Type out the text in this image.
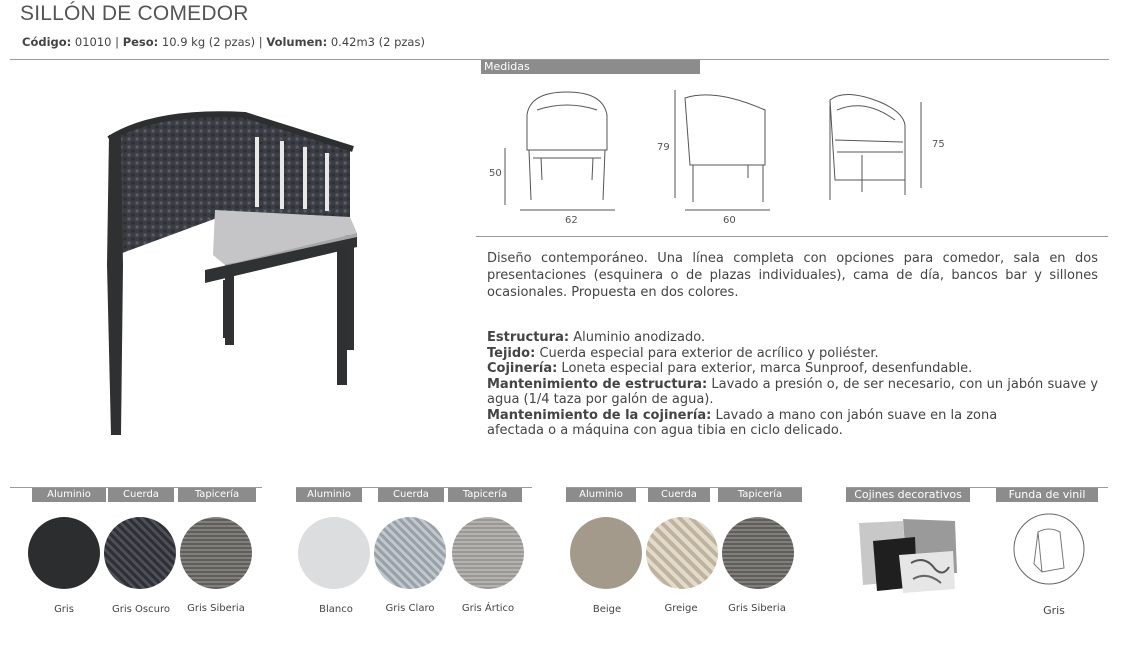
SILLÓN DE COMEDOR
Código: 01010 | Peso: 10.9 kg (2 pzas) | Volumen: 0.42m3 (2 pzas)
Medidas
50
62
79
60
75

Diseño contemporáneo. Una línea completa con opciones para comedor, sala en dos presentaciones (esquinera o de plazas individuales), cama de día, bancos bar y sillones ocasionales. Propuesta en dos colores.

Estructura: Aluminio anodizado.

Tejido: Cuerda especial para exterior de acrílico y poliéster.

Cojinería: Loneta especial para exterior, marca Sunproof, desenfundable.

Mantenimiento de estructura: Lavado a presión o, de ser necesario, con un jabón suave y agua (1/4 taza por galón de agua).

Mantenimiento de la cojinería: Lavado a mano con jabón suave en la zona afectada o a máquina con agua tibia en ciclo delicado.

Aluminio	Cuerda	Tapicería
Gris	Gris Oscuro	Gris Siberia
Aluminio	Cuerda	Tapicería
Blanco	Gris Claro	Gris Ártico
Aluminio	Cuerda	Tapicería
Beige	Greige	Gris Siberia
Cojines decorativos	Funda de vinil
Gris
